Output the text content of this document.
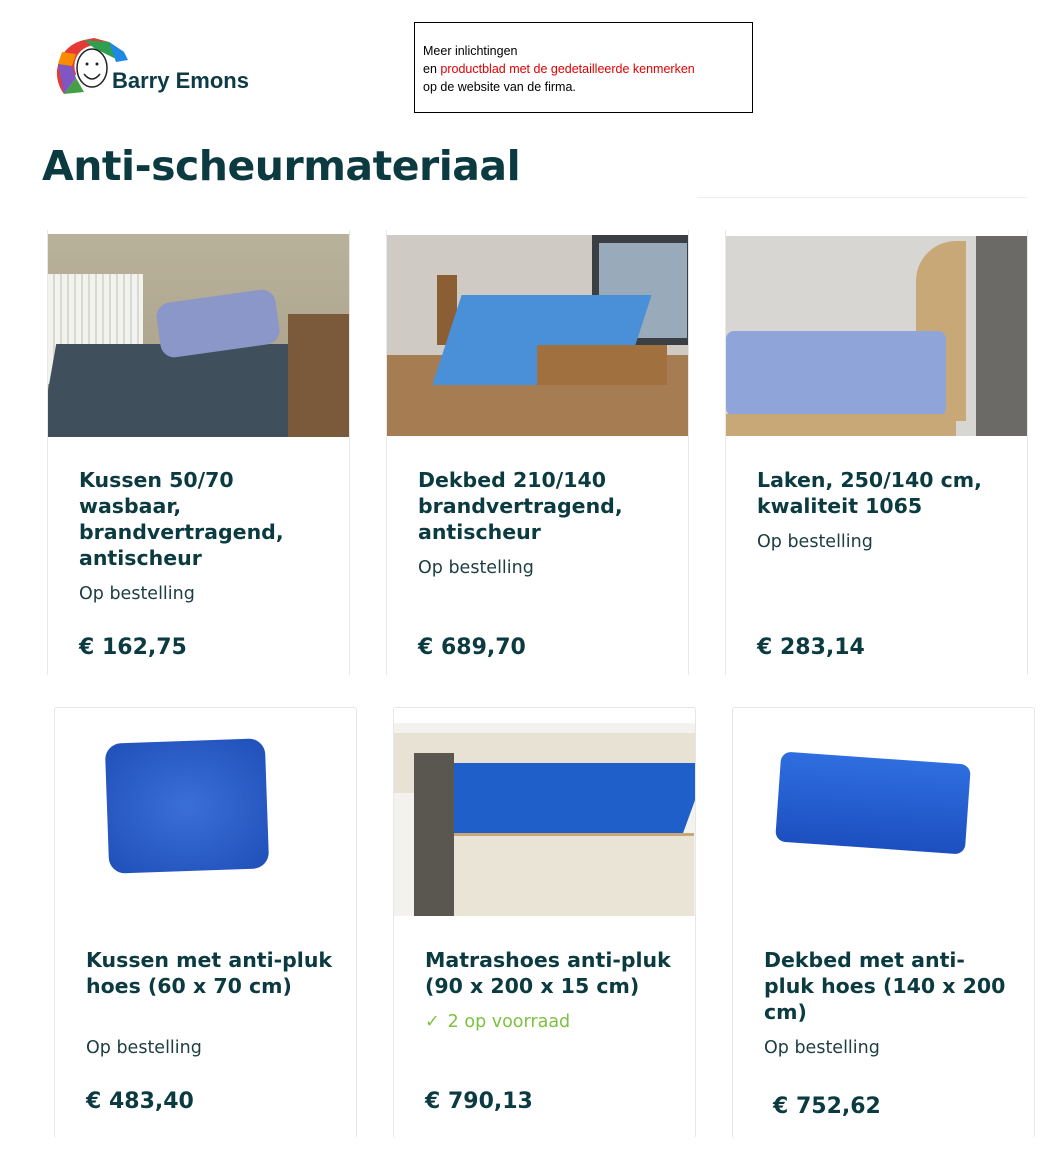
Barry Emons
Meer inlichtingen
en productblad met de gedetailleerde kenmerken
op de website van de firma.
Anti-scheurmateriaal
Kussen 50/70 wasbaar, brandvertragend, antischeur
Op bestelling
€ 162,75
Dekbed 210/140 brandvertragend, antischeur
Op bestelling
€ 689,70
Laken, 250/140 cm, kwaliteit 1065
Op bestelling
€ 283,14
Kussen met anti-pluk hoes (60 x 70 cm)
Op bestelling
€ 483,40
Matrashoes anti-pluk (90 x 200 x 15 cm)
✓ 2 op voorraad
€ 790,13
Dekbed met anti-pluk hoes (140 x 200 cm)
Op bestelling
€ 752,62
